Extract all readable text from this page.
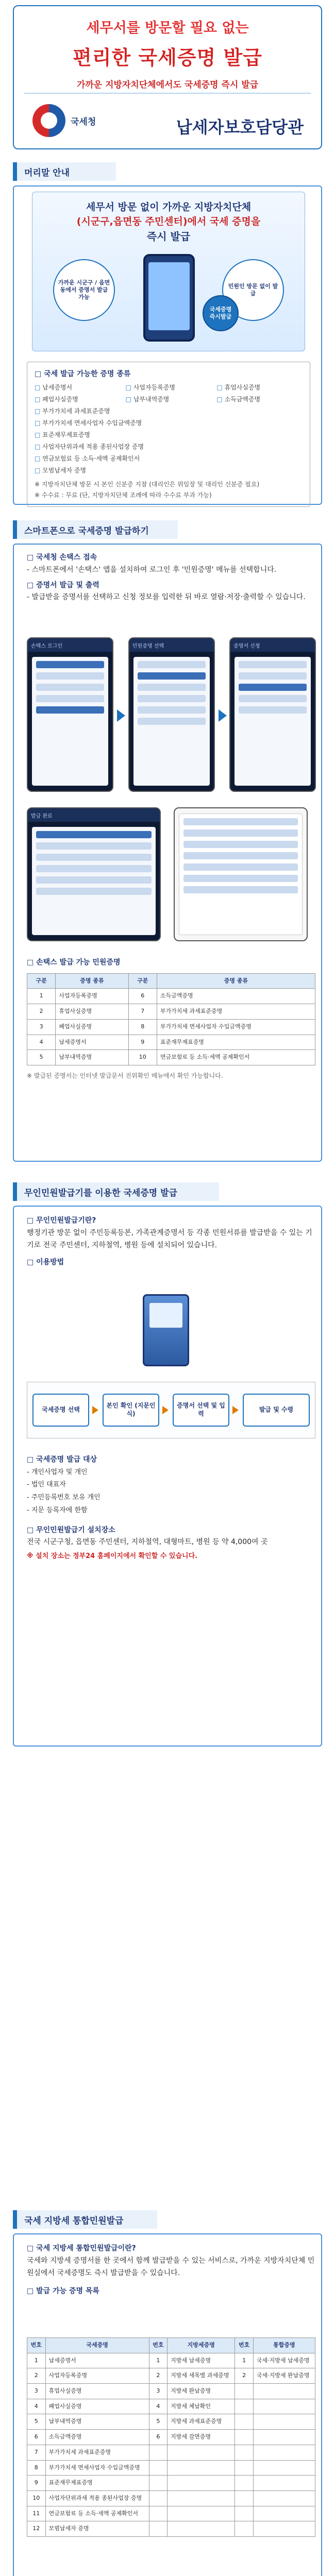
세무서를 방문할 필요 없는
편리한 국세증명 발급
가까운 지방자치단체에서도 국세증명 즉시 발급
국세청	납세자보호담당관
머리말 안내
세무서 방문 없이 가까운 지방자치단체
(시군구,읍면동 주민센터)에서 국세 증명을
즉시 발급
가까운 시군구 / 읍면동에서 증명서 발급 가능
민원인 방문 없이 발급
국세증명 즉시발급
□ 국세 발급 가능한 증명 종류
□ 납세증명서	□ 사업자등록증명	□ 휴업사실증명
□ 폐업사실증명	□ 납부내역증명	□ 소득금액증명
□ 부가가치세 과세표준증명
□ 부가가치세 면세사업자 수입금액증명
□ 표준재무제표증명
□ 사업자단위과세 적용 종된사업장 증명
□ 연금보험료 등 소득·세액 공제확인서
□ 모범납세자 증명
※ 지방자치단체 방문 시 본인 신분증 지참 (대리인은 위임장 및 대리인 신분증 필요)
※ 수수료 : 무료 (단, 지방자치단체 조례에 따라 수수료 부과 가능)
스마트폰으로 국세증명 발급하기
□ 국세청 손택스 접속
- 스마트폰에서 '손택스' 앱을 설치하여 로그인 후 '민원증명' 메뉴를 선택합니다.
□ 증명서 발급 및 출력
- 발급받을 증명서를 선택하고 신청 정보를 입력한 뒤 바로 열람·저장·출력할 수 있습니다.
손택스 로그인	민원증명 선택	증명서 신청
발급 완료
□ 손택스 발급 가능 민원증명
구분	증명 종류	구분	증명 종류
1	사업자등록증명	6	소득금액증명
2	휴업사실증명	7	부가가치세 과세표준증명
3	폐업사실증명	8	부가가치세 면세사업자 수입금액증명
4	납세증명서	9	표준재무제표증명
5	납부내역증명	10	연금보험료 등 소득·세액 공제확인서
※ 발급된 증명서는 인터넷 발급문서 진위확인 메뉴에서 확인 가능합니다.
무인민원발급기를 이용한 국세증명 발급
□ 무인민원발급기란?
행정기관 방문 없이 주민등록등본, 가족관계증명서 등 각종 민원서류를 발급받을 수 있는 기기로 전국 주민센터, 지하철역, 병원 등에 설치되어 있습니다.
□ 이용방법
국세증명 선택
본인 확인 (지문인식)
증명서 선택 및 입력
발급 및 수령
□ 국세증명 발급 대상
- 개인사업자 및 개인
- 법인 대표자
- 주민등록번호 보유 개인
- 지문 등록자에 한함
□ 무인민원발급기 설치장소
전국 시군구청, 읍면동 주민센터, 지하철역, 대형마트, 병원 등 약 4,000여 곳
※ 설치 장소는 정부24 홈페이지에서 확인할 수 있습니다.
국세 지방세 통합민원발급
□ 국세 지방세 통합민원발급이란?
국세와 지방세 증명서를 한 곳에서 함께 발급받을 수 있는 서비스로, 가까운 지방자치단체 민원실에서 국세증명도 즉시 발급받을 수 있습니다.
□ 발급 가능 증명 목록
번호	국세증명	번호	지방세증명	번호	통합증명
1	납세증명서	1	지방세 납세증명	1	국세·지방세 납세증명
2	사업자등록증명	2	지방세 세목별 과세증명	2	국세·지방세 완납증명
3	휴업사실증명	3	지방세 완납증명		
4	폐업사실증명	4	지방세 체납확인		
5	납부내역증명	5	지방세 과세표준증명		
6	소득금액증명	6	지방세 감면증명		
7	부가가치세 과세표준증명				
8	부가가치세 면세사업자 수입금액증명				
9	표준재무제표증명				
10	사업자단위과세 적용 종된사업장 증명				
11	연금보험료 등 소득·세액 공제확인서				
12	모범납세자 증명				
